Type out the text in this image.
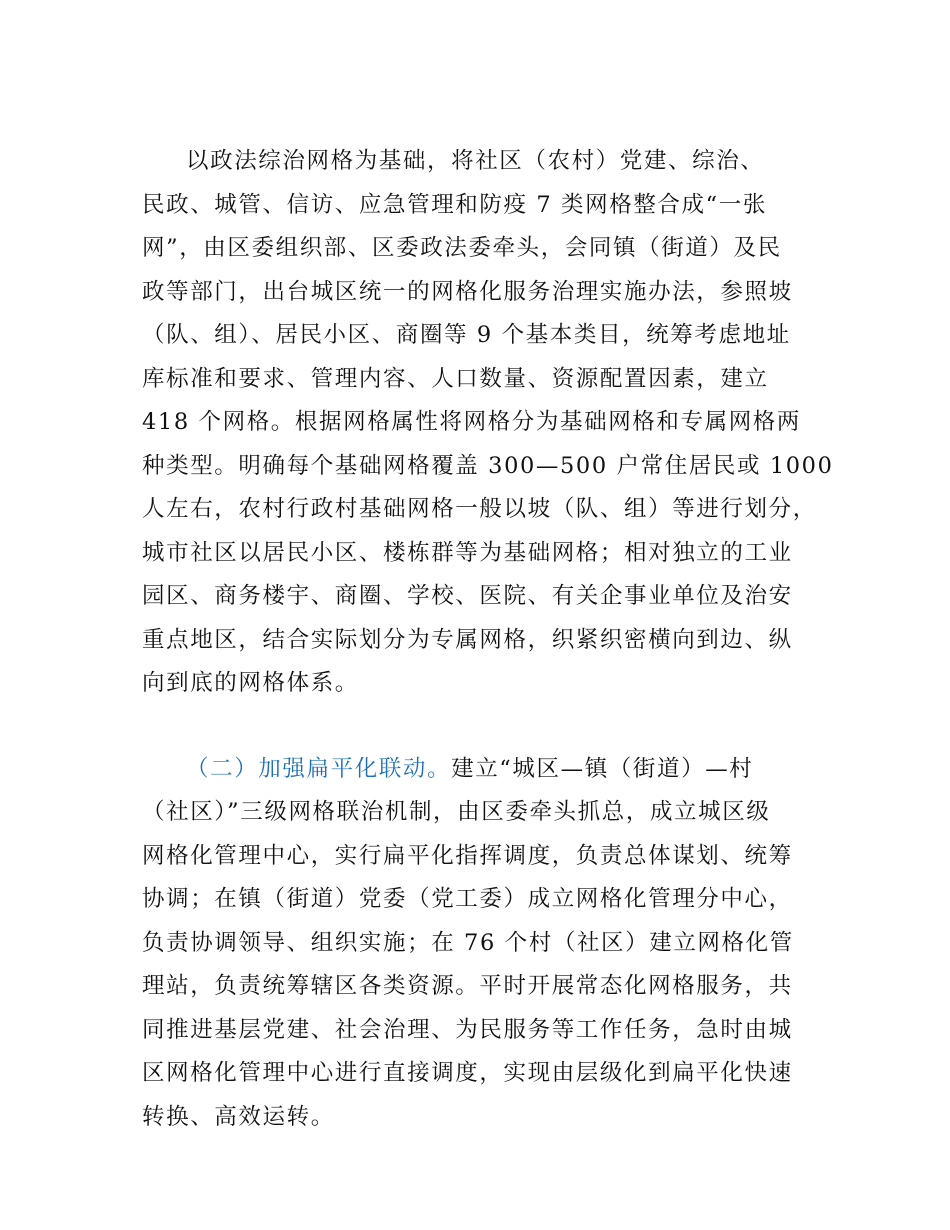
以政法综治网格为基础，将社区（农村）党建、综治、
民政、城管、信访、应急管理和防疫 7 类网格整合成“一张
网”，由区委组织部、区委政法委牵头，会同镇（街道）及民
政等部门，出台城区统一的网格化服务治理实施办法，参照坡
（队、组）、居民小区、商圈等 9 个基本类目，统筹考虑地址
库标准和要求、管理内容、人口数量、资源配置因素，建立
418 个网格。根据网格属性将网格分为基础网格和专属网格两
种类型。明确每个基础网格覆盖 300—500 户常住居民或 1000
人左右，农村行政村基础网格一般以坡（队、组）等进行划分，
城市社区以居民小区、楼栋群等为基础网格；相对独立的工业
园区、商务楼宇、商圈、学校、医院、有关企事业单位及治安
重点地区，结合实际划分为专属网格，织紧织密横向到边、纵
向到底的网格体系。
（二）加强扁平化联动。建立“城区—镇（街道）—村
（社区）”三级网格联治机制，由区委牵头抓总，成立城区级
网格化管理中心，实行扁平化指挥调度，负责总体谋划、统筹
协调；在镇（街道）党委（党工委）成立网格化管理分中心，
负责协调领导、组织实施；在 76 个村（社区）建立网格化管
理站，负责统筹辖区各类资源。平时开展常态化网格服务，共
同推进基层党建、社会治理、为民服务等工作任务，急时由城
区网格化管理中心进行直接调度，实现由层级化到扁平化快速
转换、高效运转。
